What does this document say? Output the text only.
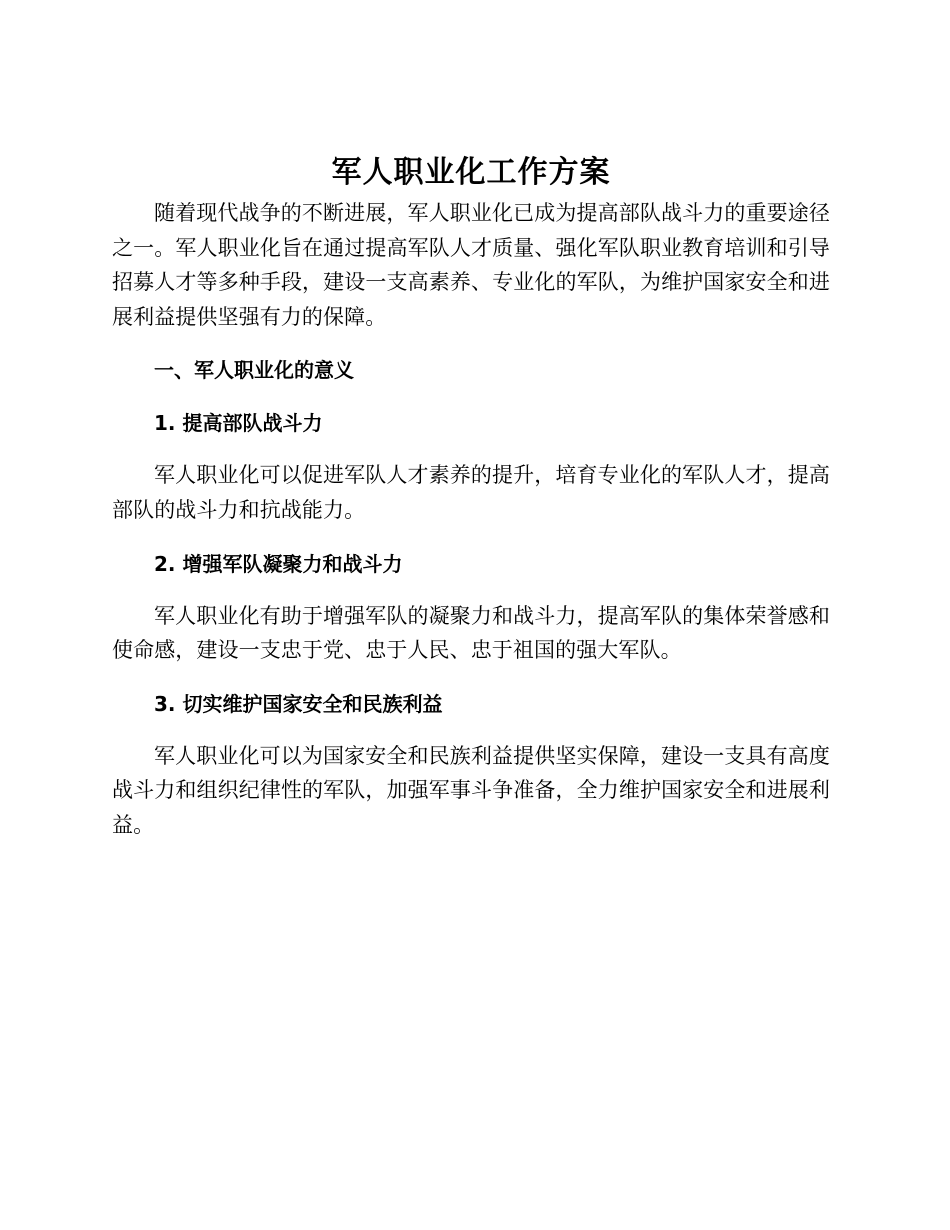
军人职业化工作方案

随着现代战争的不断进展，军人职业化已成为提高部队战斗力的重要途径之一。军人职业化旨在通过提高军队人才质量、强化军队职业教育培训和引导招募人才等多种手段，建设一支高素养、专业化的军队，为维护国家安全和进展利益提供坚强有力的保障。

一、军人职业化的意义
1. 提高部队战斗力

军人职业化可以促进军队人才素养的提升，培育专业化的军队人才，提高部队的战斗力和抗战能力。

2. 增强军队凝聚力和战斗力

军人职业化有助于增强军队的凝聚力和战斗力，提高军队的集体荣誉感和使命感，建设一支忠于党、忠于人民、忠于祖国的强大军队。

3. 切实维护国家安全和民族利益

军人职业化可以为国家安全和民族利益提供坚实保障，建设一支具有高度战斗力和组织纪律性的军队，加强军事斗争准备，全力维护国家安全和进展利益。
